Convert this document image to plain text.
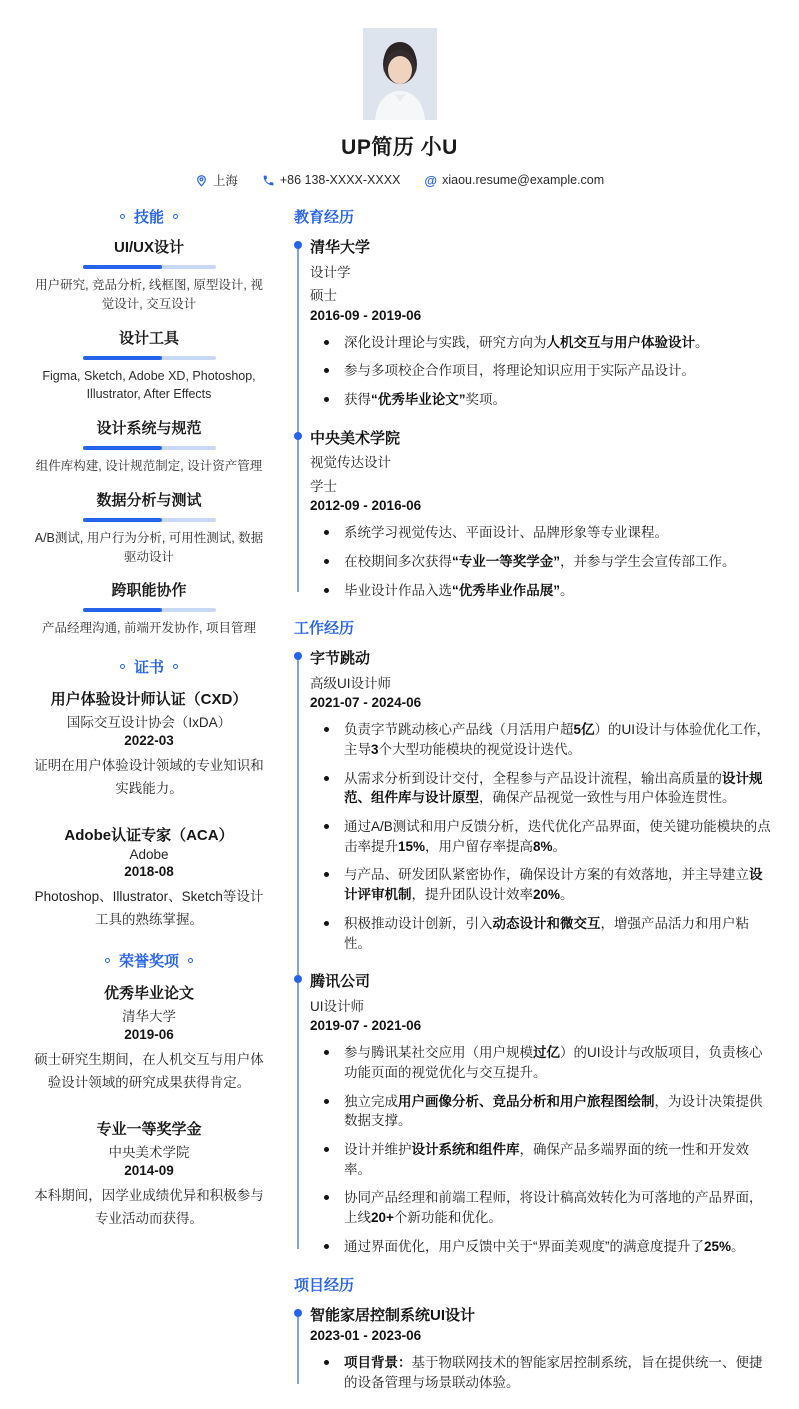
UP简历 小U
上海	+86 138-XXXX-XXXX @ xiaou.resume@example.com
技能
UI/UX设计
用户研究, 竞品分析, 线框图, 原型设计, 视觉设计, 交互设计
设计工具
Figma, Sketch, Adobe XD, Photoshop, Illustrator, After Effects
设计系统与规范
组件库构建, 设计规范制定, 设计资产管理
数据分析与测试
A/B测试, 用户行为分析, 可用性测试, 数据驱动设计
跨职能协作
产品经理沟通, 前端开发协作, 项目管理
证书
用户体验设计师认证（CXD）
国际交互设计协会（IxDA）
2022-03
证明在用户体验设计领域的专业知识和实践能力。
Adobe认证专家（ACA）
Adobe
2018-08
Photoshop、Illustrator、Sketch等设计工具的熟练掌握。
荣誉奖项
优秀毕业论文
清华大学
2019-06
硕士研究生期间，在人机交互与用户体验设计领域的研究成果获得肯定。
专业一等奖学金
中央美术学院
2014-09
本科期间，因学业成绩优异和积极参与专业活动而获得。
教育经历
清华大学
设计学
硕士
2016-09 - 2019-06
深化设计理论与实践，研究方向为人机交互与用户体验设计。
参与多项校企合作项目，将理论知识应用于实际产品设计。
获得“优秀毕业论文”奖项。
中央美术学院
视觉传达设计
学士
2012-09 - 2016-06
系统学习视觉传达、平面设计、品牌形象等专业课程。
在校期间多次获得“专业一等奖学金”，并参与学生会宣传部工作。
毕业设计作品入选“优秀毕业作品展”。
工作经历
字节跳动
高级UI设计师
2021-07 - 2024-06
负责字节跳动核心产品线（月活用户超5亿）的UI设计与体验优化工作，主导3个大型功能模块的视觉设计迭代。
从需求分析到设计交付，全程参与产品设计流程，输出高质量的设计规范、组件库与设计原型，确保产品视觉一致性与用户体验连贯性。
通过A/B测试和用户反馈分析，迭代优化产品界面，使关键功能模块的点击率提升15%，用户留存率提高8%。
与产品、研发团队紧密协作，确保设计方案的有效落地，并主导建立设计评审机制，提升团队设计效率20%。
积极推动设计创新，引入动态设计和微交互，增强产品活力和用户粘性。
腾讯公司
UI设计师
2019-07 - 2021-06
参与腾讯某社交应用（用户规模过亿）的UI设计与改版项目，负责核心功能页面的视觉优化与交互提升。
独立完成用户画像分析、竞品分析和用户旅程图绘制，为设计决策提供数据支撑。
设计并维护设计系统和组件库，确保产品多端界面的统一性和开发效率。
协同产品经理和前端工程师，将设计稿高效转化为可落地的产品界面，上线20+个新功能和优化。
通过界面优化，用户反馈中关于“界面美观度”的满意度提升了25%。
项目经历
智能家居控制系统UI设计
2023-01 - 2023-06
项目背景：基于物联网技术的智能家居控制系统，旨在提供统一、便捷的设备管理与场景联动体验。
